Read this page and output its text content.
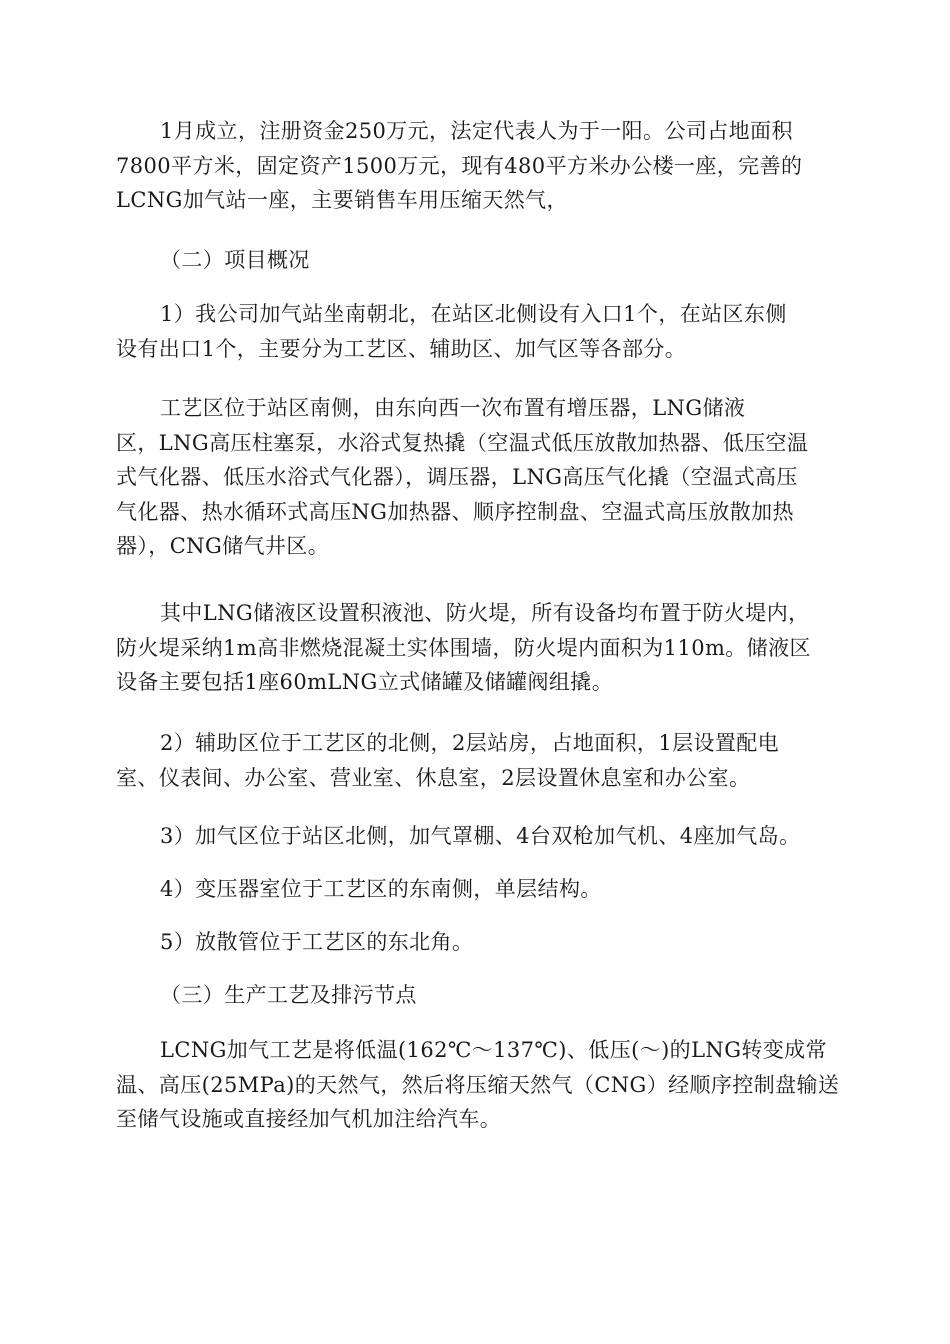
1月成立，注册资金250万元，法定代表人为于一阳。公司占地面积
7800平方米，固定资产1500万元，现有480平方米办公楼一座，完善的
LCNG加气站一座，主要销售车用压缩天然气，
（二）项目概况
1）我公司加气站坐南朝北，在站区北侧设有入口1个，在站区东侧
设有出口1个，主要分为工艺区、辅助区、加气区等各部分。
工艺区位于站区南侧，由东向西一次布置有增压器，LNG储液
区，LNG高压柱塞泵，水浴式复热撬（空温式低压放散加热器、低压空温
式气化器、低压水浴式气化器），调压器，LNG高压气化撬（空温式高压
气化器、热水循环式高压NG加热器、顺序控制盘、空温式高压放散加热
器），CNG储气井区。
其中LNG储液区设置积液池、防火堤，所有设备均布置于防火堤内，
防火堤采纳1m高非燃烧混凝土实体围墙，防火堤内面积为110m。储液区
设备主要包括1座60mLNG立式储罐及储罐阀组撬。
2）辅助区位于工艺区的北侧，2层站房，占地面积，1层设置配电
室、仪表间、办公室、营业室、休息室，2层设置休息室和办公室。
3）加气区位于站区北侧，加气罩棚、4台双枪加气机、4座加气岛。
4）变压器室位于工艺区的东南侧，单层结构。
5）放散管位于工艺区的东北角。
（三）生产工艺及排污节点
LCNG加气工艺是将低温(162℃～137℃)、低压(～)的LNG转变成常
温、高压(25MPa)的天然气，然后将压缩天然气（CNG）经顺序控制盘输送
至储气设施或直接经加气机加注给汽车。
